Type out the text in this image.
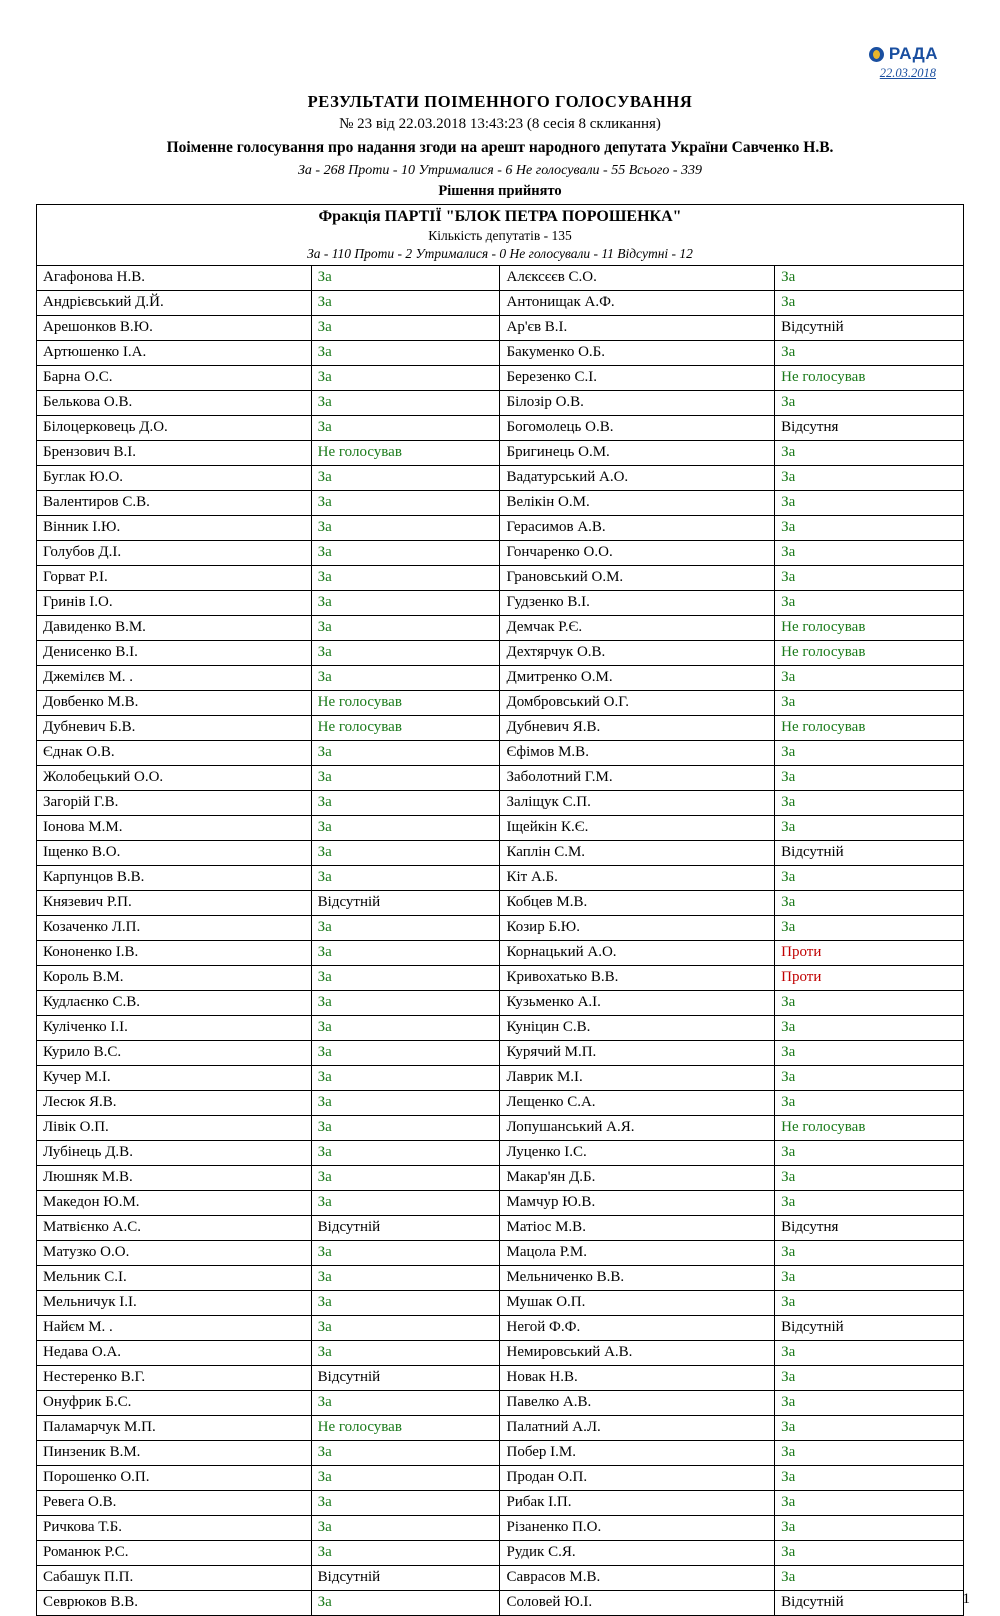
РАДА
22.03.2018
РЕЗУЛЬТАТИ ПОІМЕННОГО ГОЛОСУВАННЯ
№ 23 від 22.03.2018 13:43:23 (8 сесія 8 скликання)
Поіменне голосування про надання згоди на арешт народного депутата України Савченко Н.В.
За - 268 Проти - 10 Утрималися - 6 Не голосували - 55 Всього - 339
Рішення прийнято
Фракція ПАРТІЇ "БЛОК ПЕТРА ПОРОШЕНКА"
Кількість депутатів - 135
За - 110 Проти - 2 Утрималися - 0 Не голосували - 11 Відсутні - 12			

Агафонова Н.В.	За	Алєксєєв С.О.	За
Андрієвський Д.Й.	За	Антонищак А.Ф.	За
Арешонков В.Ю.	За	Ар'єв В.І.	Відсутній
Артюшенко І.А.	За	Бакуменко О.Б.	За
Барна О.С.	За	Березенко С.І.	Не голосував
Белькова О.В.	За	Білозір О.В.	За
Білоцерковець Д.О.	За	Богомолець О.В.	Відсутня
Брензович В.І.	Не голосував	Бригинець О.М.	За
Буглак Ю.О.	За	Вадатурський А.О.	За
Валентиров С.В.	За	Велікін О.М.	За
Вінник І.Ю.	За	Герасимов А.В.	За
Голубов Д.І.	За	Гончаренко О.О.	За
Горват Р.І.	За	Грановський О.М.	За
Гринів І.О.	За	Гудзенко В.І.	За
Давиденко В.М.	За	Демчак Р.Є.	Не голосував
Денисенко В.І.	За	Дехтярчук О.В.	Не голосував
Джемілєв М. .	За	Дмитренко О.М.	За
Довбенко М.В.	Не голосував	Домбровський О.Г.	За
Дубневич Б.В.	Не голосував	Дубневич Я.В.	Не голосував
Єднак О.В.	За	Єфімов М.В.	За
Жолобецький О.О.	За	Заболотний Г.М.	За
Загорій Г.В.	За	Заліщук С.П.	За
Іонова М.М.	За	Іщейкін К.Є.	За
Іщенко В.О.	За	Каплін С.М.	Відсутній
Карпунцов В.В.	За	Кіт А.Б.	За
Князевич Р.П.	Відсутній	Кобцев М.В.	За
Козаченко Л.П.	За	Козир Б.Ю.	За
Кононенко І.В.	За	Корнацький А.О.	Проти
Король В.М.	За	Кривохатько В.В.	Проти
Кудлаєнко С.В.	За	Кузьменко А.І.	За
Куліченко І.І.	За	Куніцин С.В.	За
Курило В.С.	За	Курячий М.П.	За
Кучер М.І.	За	Лаврик М.І.	За
Лесюк Я.В.	За	Лещенко С.А.	За
Лівік О.П.	За	Лопушанський А.Я.	Не голосував
Лубінець Д.В.	За	Луценко І.С.	За
Люшняк М.В.	За	Макар'ян Д.Б.	За
Македон Ю.М.	За	Мамчур Ю.В.	За
Матвієнко А.С.	Відсутній	Матіос М.В.	Відсутня
Матузко О.О.	За	Мацола Р.М.	За
Мельник С.І.	За	Мельниченко В.В.	За
Мельничук І.І.	За	Мушак О.П.	За
Найєм М. .	За	Негой Ф.Ф.	Відсутній
Недава О.А.	За	Немировський А.В.	За
Нестеренко В.Г.	Відсутній	Новак Н.В.	За
Онуфрик Б.С.	За	Павелко А.В.	За
Паламарчук М.П.	Не голосував	Палатний А.Л.	За
Пинзеник В.М.	За	Побер І.М.	За
Порошенко О.П.	За	Продан О.П.	За
Ревега О.В.	За	Рибак І.П.	За
Ричкова Т.Б.	За	Різаненко П.О.	За
Романюк Р.С.	За	Рудик С.Я.	За
Сабашук П.П.	Відсутній	Саврасов М.В.	За
Севрюков В.В.	За	Соловей Ю.І.	Відсутній	1
